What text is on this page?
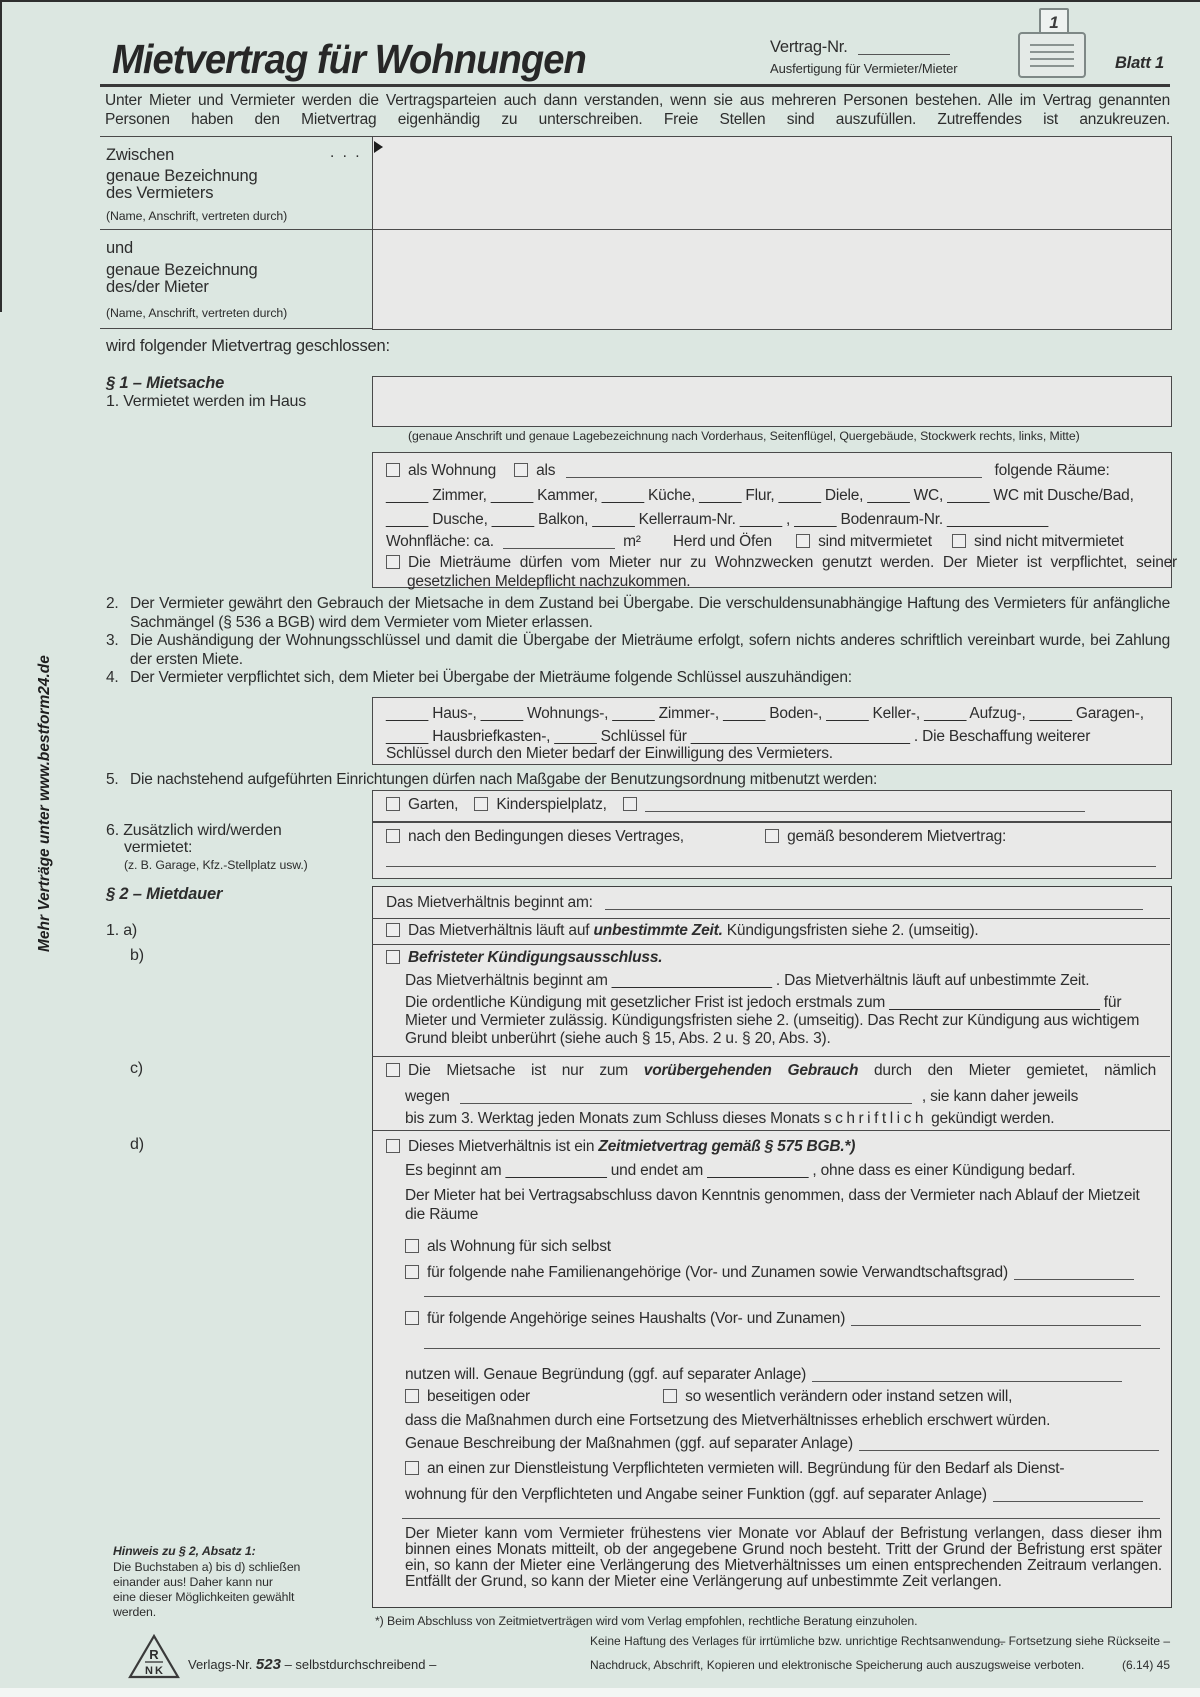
Mietvertrag für Wohnungen	Vertrag-Nr.
Ausfertigung für Vermieter/Mieter
1
Blatt 1
Unter Mieter und Vermieter werden die Vertragsparteien auch dann verstanden, wenn sie aus mehreren Personen bestehen. Alle im Vertrag genannten Personen haben den Mietvertrag eigenhändig zu unterschreiben. Freie Stellen sind auszufüllen. Zutreffendes ist anzukreuzen.
Mehr Verträge unter www.bestform24.de
Zwischen	. . .
genaue Bezeichnung
des Vermieters
(Name, Anschrift, vertreten durch)
und
genaue Bezeichnung
des/der Mieter
(Name, Anschrift, vertreten durch)
wird folgender Mietvertrag geschlossen:
§ 1 – Mietsache
1. Vermietet werden im Haus
(genaue Anschrift und genaue Lagebezeichnung nach Vorderhaus, Seitenflügel, Quergebäude, Stockwerk rechts, links, Mitte)
als Wohnung	als	folgende Räume:
_____ Zimmer, _____ Kammer, _____ Küche, _____ Flur, _____ Diele, _____ WC, _____ WC mit Dusche/Bad,
_____ Dusche, _____ Balkon, _____ Kellerraum-Nr. _____ , _____ Bodenraum-Nr. ____________
Wohnfläche: ca.	m² Herd und Öfen	sind mitvermietet	sind nicht mitvermietet
Die Mieträume dürfen vom Mieter nur zu Wohnzwecken genutzt werden. Der Mieter ist verpflichtet, seiner gesetzlichen Meldepflicht nachzukommen.
2. Der Vermieter gewährt den Gebrauch der Mietsache in dem Zustand bei Übergabe. Die verschuldensunabhängige Haftung des Vermieters für anfängliche Sachmängel (§ 536 a BGB) wird dem Vermieter vom Mieter erlassen.
3. Die Aushändigung der Wohnungsschlüssel und damit die Übergabe der Mieträume erfolgt, sofern nichts anderes schriftlich vereinbart wurde, bei Zahlung der ersten Miete.
4. Der Vermieter verpflichtet sich, dem Mieter bei Übergabe der Mieträume folgende Schlüssel auszuhändigen:
_____ Haus-, _____ Wohnungs-, _____ Zimmer-, _____ Boden-, _____ Keller-, _____ Aufzug-, _____ Garagen-,
_____ Hausbriefkasten-, _____ Schlüssel für __________________________ . Die Beschaffung weiterer
Schlüssel durch den Mieter bedarf der Einwilligung des Vermieters.
5. Die nachstehend aufgeführten Einrichtungen dürfen nach Maßgabe der Benutzungsordnung mitbenutzt werden:
Garten, Kinderspielplatz,
6. Zusätzlich wird/werden
vermietet:
(z. B. Garage, Kfz.-Stellplatz usw.)
nach den Bedingungen dieses Vertrages,	gemäß besonderem Mietvertrag:
§ 2 – Mietdauer	Das Mietverhältnis beginnt am:
1. a)	Das Mietverhältnis läuft auf unbestimmte Zeit. Kündigungsfristen siehe 2. (umseitig).
b)	Befristeter Kündigungsausschluss.
Das Mietverhältnis beginnt am ___________________ . Das Mietverhältnis läuft auf unbestimmte Zeit.
Die ordentliche Kündigung mit gesetzlicher Frist ist jedoch erstmals zum _________________________ für Mieter und Vermieter zulässig. Kündigungsfristen siehe 2. (umseitig). Das Recht zur Kündigung aus wichtigem Grund bleibt unberührt (siehe auch § 15, Abs. 2 u. § 20, Abs. 3).
c)	Die Mietsache ist nur zum vorübergehenden Gebrauch durch den Mieter gemietet, nämlich
wegen	, sie kann daher jeweils
bis zum 3. Werktag jeden Monats zum Schluss dieses Monats schriftlich gekündigt werden.
d)	Dieses Mietverhältnis ist ein Zeitmietvertrag gemäß § 575 BGB.*)
Es beginnt am ____________ und endet am ____________ , ohne dass es einer Kündigung bedarf.
Der Mieter hat bei Vertragsabschluss davon Kenntnis genommen, dass der Vermieter nach Ablauf der Mietzeit die Räume
als Wohnung für sich selbst
für folgende nahe Familienangehörige (Vor- und Zunamen sowie Verwandtschaftsgrad)
für folgende Angehörige seines Haushalts (Vor- und Zunamen)
nutzen will. Genaue Begründung (ggf. auf separater Anlage)
beseitigen oder	so wesentlich verändern oder instand setzen will,
dass die Maßnahmen durch eine Fortsetzung des Mietverhältnisses erheblich erschwert würden.
Genaue Beschreibung der Maßnahmen (ggf. auf separater Anlage)
an einen zur Dienstleistung Verpflichteten vermieten will. Begründung für den Bedarf als Dienst-
wohnung für den Verpflichteten und Angabe seiner Funktion (ggf. auf separater Anlage)
Der Mieter kann vom Vermieter frühestens vier Monate vor Ablauf der Befristung verlangen, dass dieser ihm binnen eines Monats mitteilt, ob der angegebene Grund noch besteht. Tritt der Grund der Befristung erst später ein, so kann der Mieter eine Verlängerung des Mietverhältnisses um einen entsprechenden Zeitraum verlangen. Entfällt der Grund, so kann der Mieter eine Verlängerung auf unbestimmte Zeit verlangen.
Hinweis zu § 2, Absatz 1:
Die Buchstaben a) bis d) schließen
einander aus! Daher kann nur
eine dieser Möglichkeiten gewählt
werden.
*) Beim Abschluss von Zeitmietverträgen wird vom Verlag empfohlen, rechtliche Beratung einzuholen.
R
NK Verlags-Nr. 523 – selbstdurchschreibend –
Keine Haftung des Verlages für irrtümliche bzw. unrichtige Rechtsanwendung.
– Fortsetzung siehe Rückseite –
Nachdruck, Abschrift, Kopieren und elektronische Speicherung auch auszugsweise verboten.	(6.14) 45
